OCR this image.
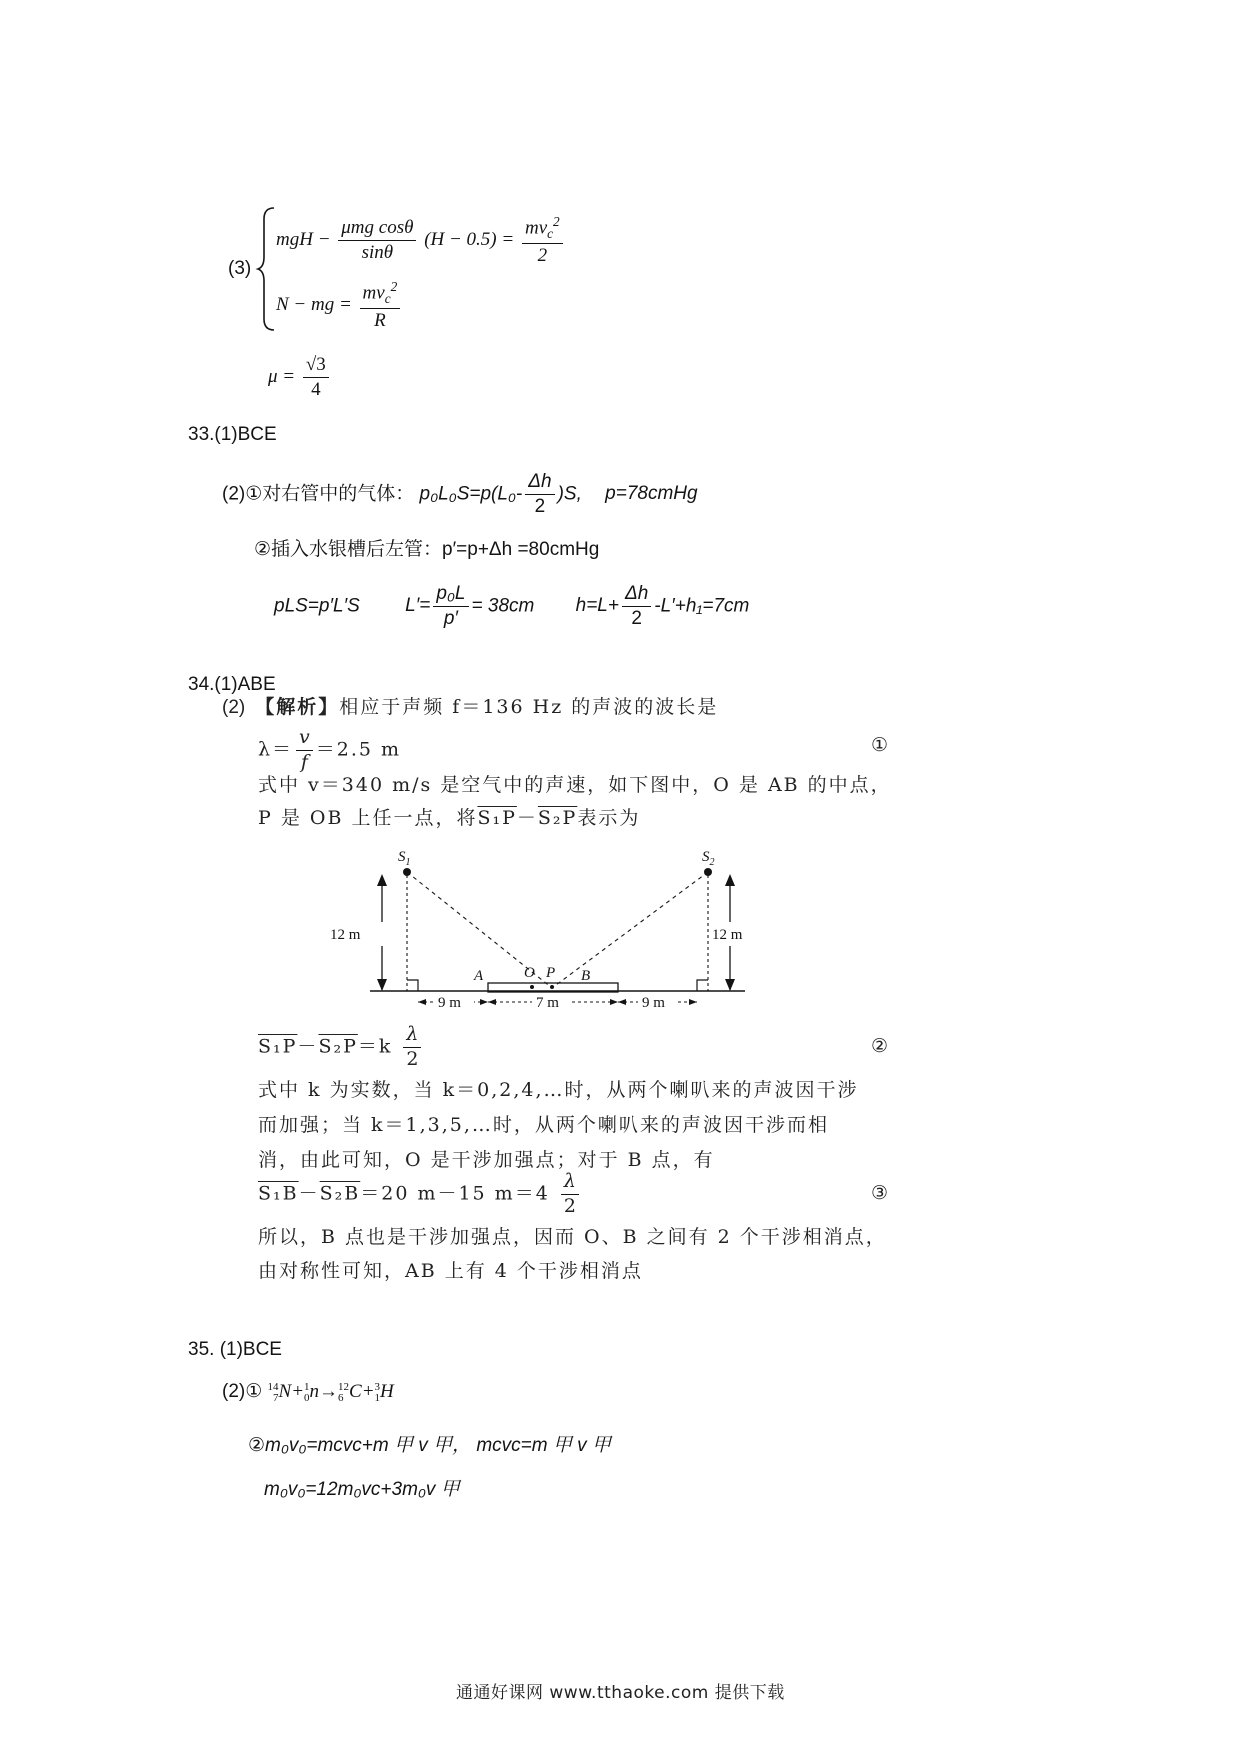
(3)
mgH − $\frac{\text{μmg cosθ}}{\sin\theta} (H - 0.5) = \frac{mv_c^2}{2}$
N − mg = $\frac{mv_c^2}{R}$
$\mu = \frac{√3}{4}$
33.(1)BCE
(2)①对右管中的气体： $p_0L_0S=p(L_0- \frac{\Delta h}{2} )S$, p=78cmHg
②插入水银槽后左管：p′=p+Δh =80cmHg
pLS=p′L′S $L'= \frac{\text{p₀L}}{p'} = 38cm$ $h=L+ \frac{\Delta h}{2} -L'+h_1=7cm$
34.(1)ABE
(2) 【解析】相应于声频 f＝136 Hz 的声波的波长是
$\lambda= \frac{v}{f} =2.5$ m	①
式中 v＝340 m/s 是空气中的声速，如下图中，O 是 AB 的中点，
P 是 OB 上任一点，将S₁P－S₂P表示为
$S_1$	$S_2$
A	O P B
12 m	12 m
9 m	7 m	9 m
$S_1P-S_2P=k \frac{\lambda}{2}$	②
式中 k 为实数，当 k＝0,2,4,…时，从两个喇叭来的声波因干涉
而加强；当 k＝1,3,5,…时，从两个喇叭来的声波因干涉而相
消，由此可知，O 是干涉加强点；对于 B 点，有
S₁B－S₂B＝20 m－15 $m=4 \frac{\lambda}{2}$	③
所以，B 点也是干涉加强点，因而 O、B 之间有 2 个干涉相消点，
由对称性可知，AB 上有 4 个干涉相消点
35. (1)BCE
(2)① 14
7 N+ 1
0 n→ 12
6 C+ 3
1 H
②m₀v₀=mcvc+m 甲 v 甲， mcvc=m 甲 v 甲
m₀v₀=12m₀vc+3m₀v 甲
通通好课网 www.tthaoke.com 提供下载
